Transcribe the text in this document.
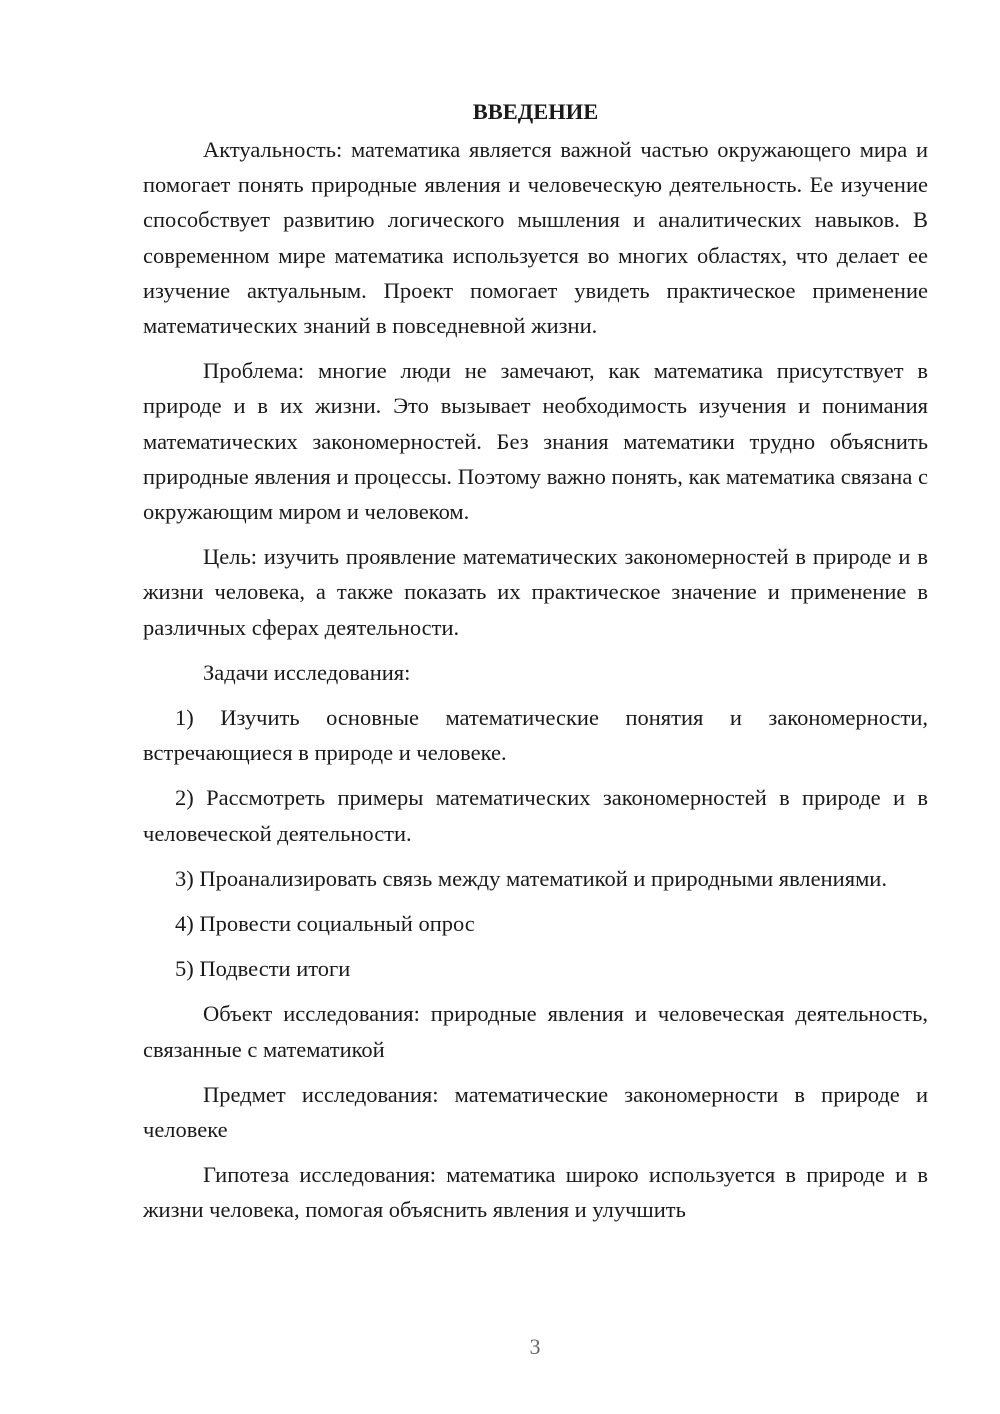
ВВЕДЕНИЕ

Актуальность: математика является важной частью окружающего мира и помогает понять природные явления и человеческую деятельность. Ее изучение способствует развитию логического мышления и аналитических навыков. В современном мире математика используется во многих областях, что делает ее изучение актуальным. Проект помогает увидеть практическое применение математических знаний в повседневной жизни.

Проблема: многие люди не замечают, как математика присутствует в природе и в их жизни. Это вызывает необходимость изучения и понимания математических закономерностей. Без знания математики трудно объяснить природные явления и процессы. Поэтому важно понять, как математика связана с окружающим миром и человеком.

Цель: изучить проявление математических закономерностей в природе и в жизни человека, а также показать их практическое значение и применение в различных сферах деятельности.

Задачи исследования:

1) Изучить основные математические понятия и закономерности, встречающиеся в природе и человеке.

2) Рассмотреть примеры математических закономерностей в природе и в человеческой деятельности.

3) Проанализировать связь между математикой и природными явлениями.

4) Провести социальный опрос

5) Подвести итоги

Объект исследования: природные явления и человеческая деятельность, связанные с математикой

Предмет исследования: математические закономерности в природе и человеке

Гипотеза исследования: математика широко используется в природе и в жизни человека, помогая объяснить явления и улучшить

3
